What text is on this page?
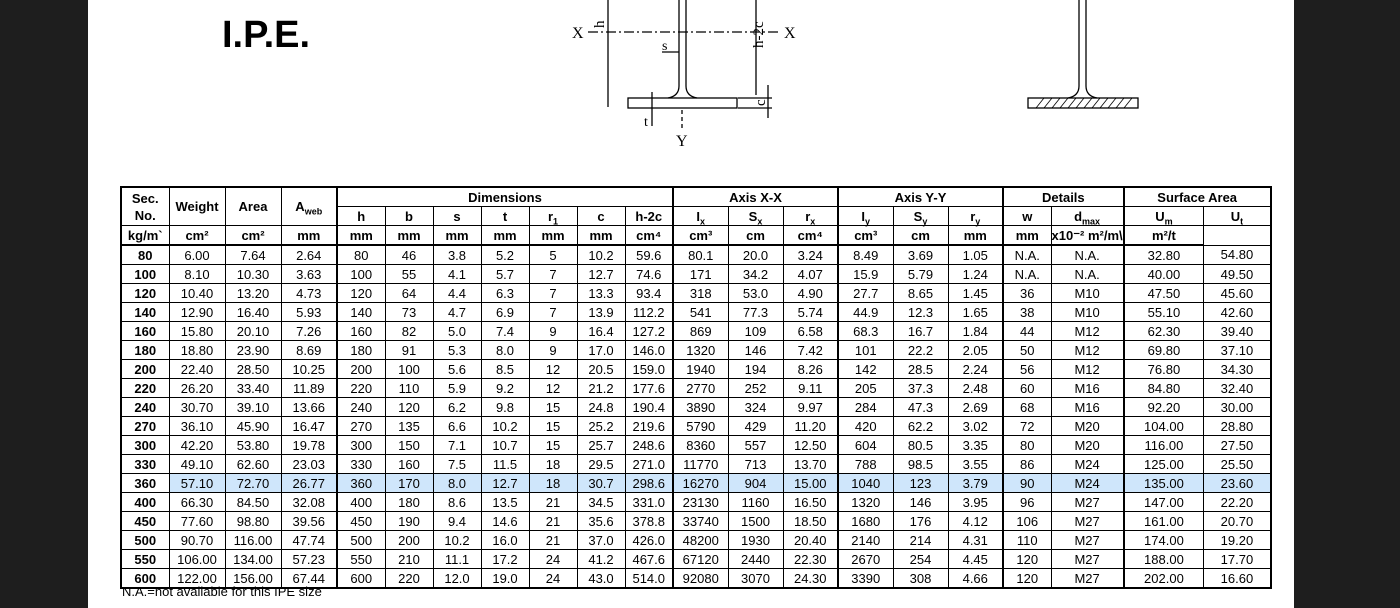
I.P.E.	X	X
s
t
Y
h	h-2c
c
Sec.
No.	Weight	Area	$A_{web}$	Dimensions							Axis X-X			Axis Y-Y			Details		Surface Area	
				h	b	s	t	$r_1$	c	h-2c	$I_x$	$S_x$	$r_x$	$I_y$	$S_y$	$r_y$	w	$d_{max}$	$U_m$	$U_t$
kg/m`	cm²	cm²	mm	mm	mm	mm	mm	mm	mm	cm⁴	cm³	cm	cm⁴	cm³	cm	mm	mm	x10⁻² m²/m\	m²/t	
80	6.00	7.64	2.64	80	46	3.8	5.2	5	10.2	59.6	80.1	20.0	3.24	8.49	3.69	1.05	N.A.	N.A.	32.80	54.80
100	8.10	10.30	3.63	100	55	4.1	5.7	7	12.7	74.6	171	34.2	4.07	15.9	5.79	1.24	N.A.	N.A.	40.00	49.50
120	10.40	13.20	4.73	120	64	4.4	6.3	7	13.3	93.4	318	53.0	4.90	27.7	8.65	1.45	36	M10	47.50	45.60
140	12.90	16.40	5.93	140	73	4.7	6.9	7	13.9	112.2	541	77.3	5.74	44.9	12.3	1.65	38	M10	55.10	42.60
160	15.80	20.10	7.26	160	82	5.0	7.4	9	16.4	127.2	869	109	6.58	68.3	16.7	1.84	44	M12	62.30	39.40
180	18.80	23.90	8.69	180	91	5.3	8.0	9	17.0	146.0	1320	146	7.42	101	22.2	2.05	50	M12	69.80	37.10
200	22.40	28.50	10.25	200	100	5.6	8.5	12	20.5	159.0	1940	194	8.26	142	28.5	2.24	56	M12	76.80	34.30
220	26.20	33.40	11.89	220	110	5.9	9.2	12	21.2	177.6	2770	252	9.11	205	37.3	2.48	60	M16	84.80	32.40
240	30.70	39.10	13.66	240	120	6.2	9.8	15	24.8	190.4	3890	324	9.97	284	47.3	2.69	68	M16	92.20	30.00
270	36.10	45.90	16.47	270	135	6.6	10.2	15	25.2	219.6	5790	429	11.20	420	62.2	3.02	72	M20	104.00	28.80
300	42.20	53.80	19.78	300	150	7.1	10.7	15	25.7	248.6	8360	557	12.50	604	80.5	3.35	80	M20	116.00	27.50
330	49.10	62.60	23.03	330	160	7.5	11.5	18	29.5	271.0	11770	713	13.70	788	98.5	3.55	86	M24	125.00	25.50
360	57.10	72.70	26.77	360	170	8.0	12.7	18	30.7	298.6	16270	904	15.00	1040	123	3.79	90	M24	135.00	23.60
400	66.30	84.50	32.08	400	180	8.6	13.5	21	34.5	331.0	23130	1160	16.50	1320	146	3.95	96	M27	147.00	22.20
450	77.60	98.80	39.56	450	190	9.4	14.6	21	35.6	378.8	33740	1500	18.50	1680	176	4.12	106	M27	161.00	20.70
500	90.70	116.00	47.74	500	200	10.2	16.0	21	37.0	426.0	48200	1930	20.40	2140	214	4.31	110	M27	174.00	19.20
550	106.00	134.00	57.23	550	210	11.1	17.2	24	41.2	467.6	67120	2440	22.30	2670	254	4.45	120	M27	188.00	17.70
600	122.00	156.00	67.44	600	220	12.0	19.0	24	43.0	514.0	92080	3070	24.30	3390	308	4.66	120	M27	202.00	16.60
N.A.=not available for this IPE size
